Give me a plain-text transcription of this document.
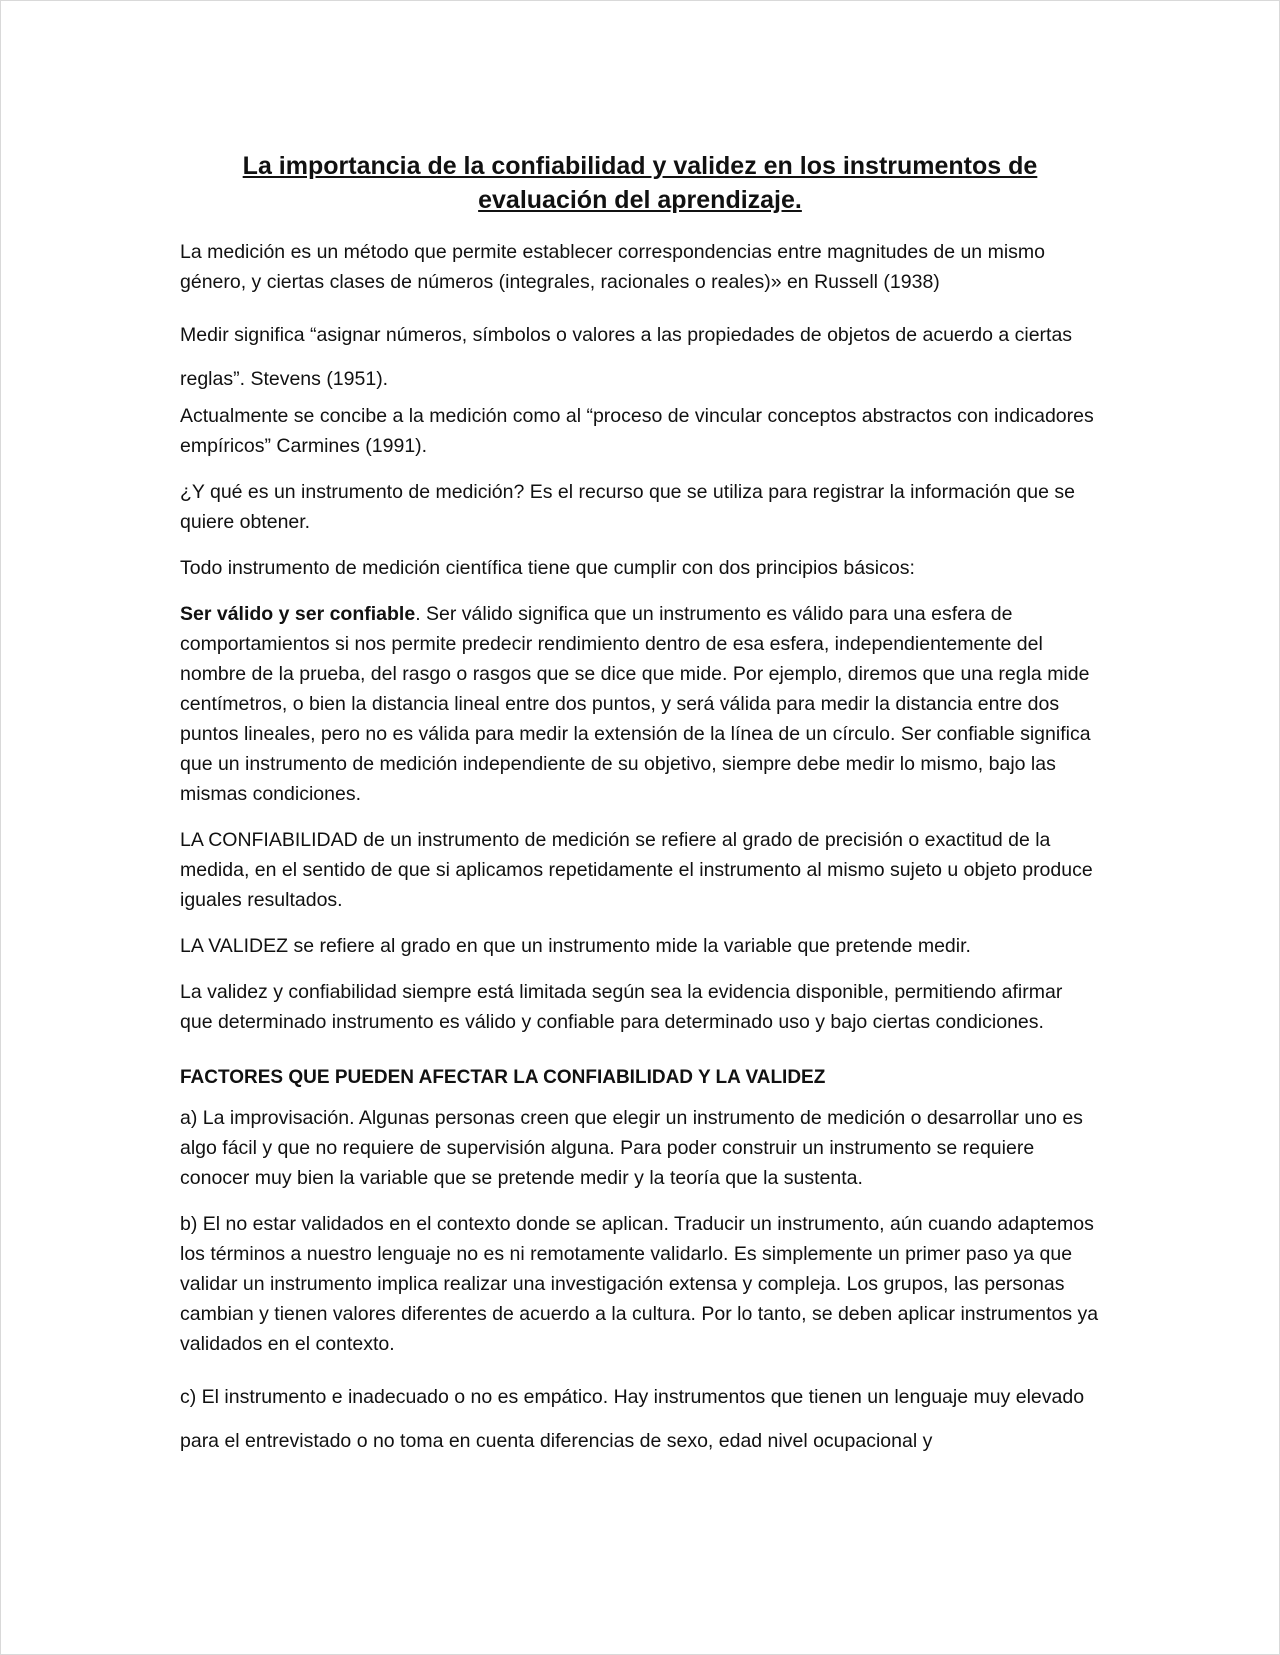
La importancia de la confiabilidad y validez en los instrumentos de
evaluación del aprendizaje.

La medición es un método que permite establecer correspondencias entre magnitudes de un mismo género, y ciertas clases de números (integrales, racionales o reales)» en Russell (1938)

Medir significa “asignar números, símbolos o valores a las propiedades de objetos de acuerdo a ciertas reglas”. Stevens (1951).

Actualmente se concibe a la medición como al “proceso de vincular conceptos abstractos con indicadores empíricos” Carmines (1991).

¿Y qué es un instrumento de medición? Es el recurso que se utiliza para registrar la información que se quiere obtener.

Todo instrumento de medición científica tiene que cumplir con dos principios básicos:

Ser válido y ser confiable. Ser válido significa que un instrumento es válido para una esfera de comportamientos si nos permite predecir rendimiento dentro de esa esfera, independientemente del nombre de la prueba, del rasgo o rasgos que se dice que mide. Por ejemplo, diremos que una regla mide centímetros, o bien la distancia lineal entre dos puntos, y será válida para medir la distancia entre dos puntos lineales, pero no es válida para medir la extensión de la línea de un círculo. Ser confiable significa que un instrumento de medición independiente de su objetivo, siempre debe medir lo mismo, bajo las mismas condiciones.

LA CONFIABILIDAD de un instrumento de medición se refiere al grado de precisión o exactitud de la medida, en el sentido de que si aplicamos repetidamente el instrumento al mismo sujeto u objeto produce iguales resultados.

LA VALIDEZ se refiere al grado en que un instrumento mide la variable que pretende medir.

La validez y confiabilidad siempre está limitada según sea la evidencia disponible, permitiendo afirmar que determinado instrumento es válido y confiable para determinado uso y bajo ciertas condiciones.

FACTORES QUE PUEDEN AFECTAR LA CONFIABILIDAD Y LA VALIDEZ

a) La improvisación. Algunas personas creen que elegir un instrumento de medición o desarrollar uno es algo fácil y que no requiere de supervisión alguna. Para poder construir un instrumento se requiere conocer muy bien la variable que se pretende medir y la teoría que la sustenta.

b) El no estar validados en el contexto donde se aplican. Traducir un instrumento, aún cuando adaptemos los términos a nuestro lenguaje no es ni remotamente validarlo. Es simplemente un primer paso ya que validar un instrumento implica realizar una investigación extensa y compleja. Los grupos, las personas cambian y tienen valores diferentes de acuerdo a la cultura. Por lo tanto, se deben aplicar instrumentos ya validados en el contexto.

c) El instrumento e inadecuado o no es empático. Hay instrumentos que tienen un lenguaje muy elevado para el entrevistado o no toma en cuenta diferencias de sexo, edad nivel ocupacional y
